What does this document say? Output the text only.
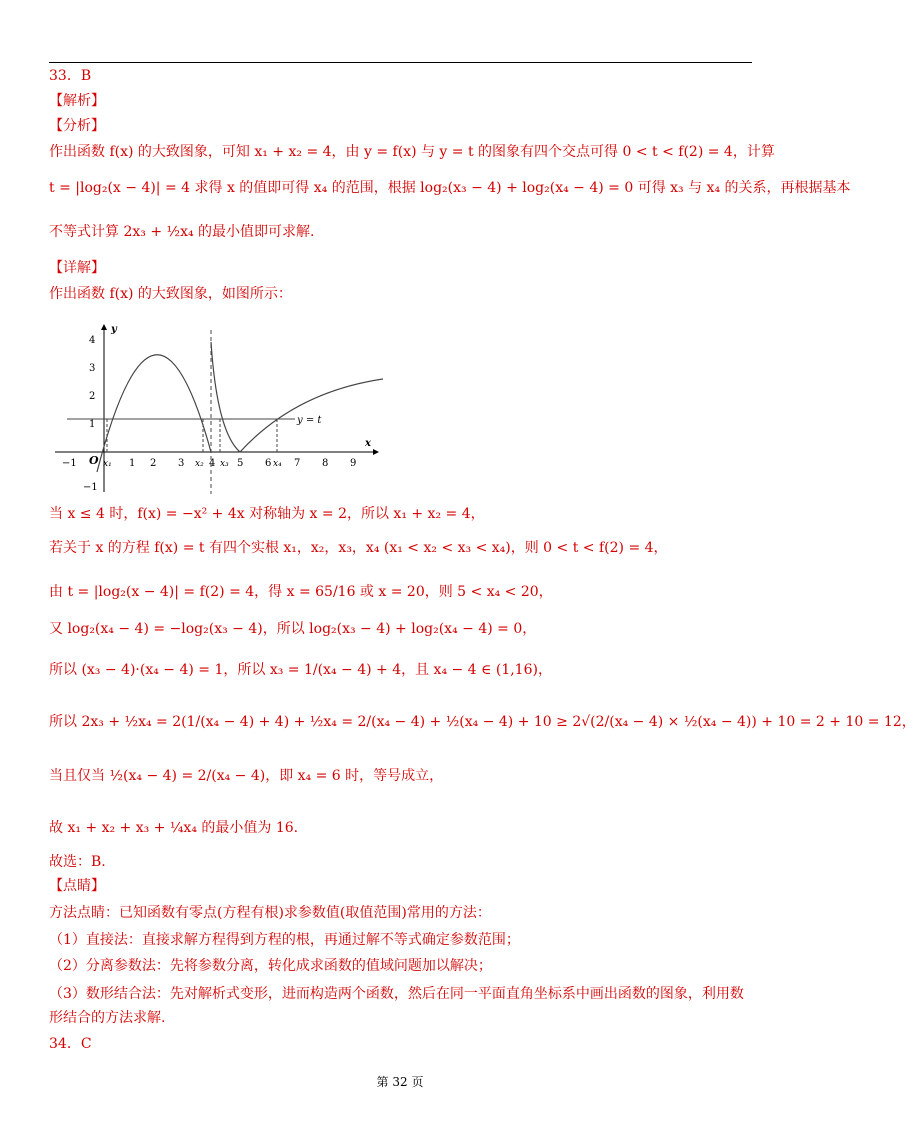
33．B
【解析】
【分析】
作出函数 f(x) 的大致图象，可知 x₁ + x₂ = 4，由 y = f(x) 与 y = t 的图象有四个交点可得 0 < t < f(2) = 4，计算
t = |log₂(x − 4)| = 4 求得 x 的值即可得 x₄ 的范围，根据 log₂(x₃ − 4) + log₂(x₄ − 4) = 0 可得 x₃ 与 x₄ 的关系，再根据基本
不等式计算 2x₃ + ½x₄ 的最小值即可求解.
【详解】
作出函数 f(x) 的大致图象，如图所示：
y
x
O
−1	1 2 3 4 5 6 7 8 9
−1
1
2
3
4
y = t
x₁	x₂ x₃	x₄
当 x ≤ 4 时，f(x) = −x² + 4x 对称轴为 x = 2，所以 x₁ + x₂ = 4，
若关于 x 的方程 f(x) = t 有四个实根 x₁，x₂，x₃，x₄ (x₁ < x₂ < x₃ < x₄)，则 0 < t < f(2) = 4，
由 t = |log₂(x − 4)| = f(2) = 4，得 x = 65/16 或 x = 20，则 5 < x₄ < 20，
又 log₂(x₄ − 4) = −log₂(x₃ − 4)，所以 log₂(x₃ − 4) + log₂(x₄ − 4) = 0，
所以 (x₃ − 4)·(x₄ − 4) = 1，所以 x₃ = 1/(x₄ − 4) + 4，且 x₄ − 4 ∈ (1,16)，
所以 2x₃ + ½x₄ = 2(1/(x₄ − 4) + 4) + ½x₄ = 2/(x₄ − 4) + ½(x₄ − 4) + 10 ≥ 2√(2/(x₄ − 4) × ½(x₄ − 4)) + 10 = 2 + 10 = 12，
当且仅当 ½(x₄ − 4) = 2/(x₄ − 4)，即 x₄ = 6 时，等号成立，
故 x₁ + x₂ + x₃ + ¼x₄ 的最小值为 16.
故选：B.
【点睛】
方法点睛：已知函数有零点(方程有根)求参数值(取值范围)常用的方法：
（1）直接法：直接求解方程得到方程的根，再通过解不等式确定参数范围；
（2）分离参数法：先将参数分离，转化成求函数的值域问题加以解决；
（3）数形结合法：先对解析式变形，进而构造两个函数，然后在同一平面直角坐标系中画出函数的图象，利用数
形结合的方法求解.
34．C
第 32 页
